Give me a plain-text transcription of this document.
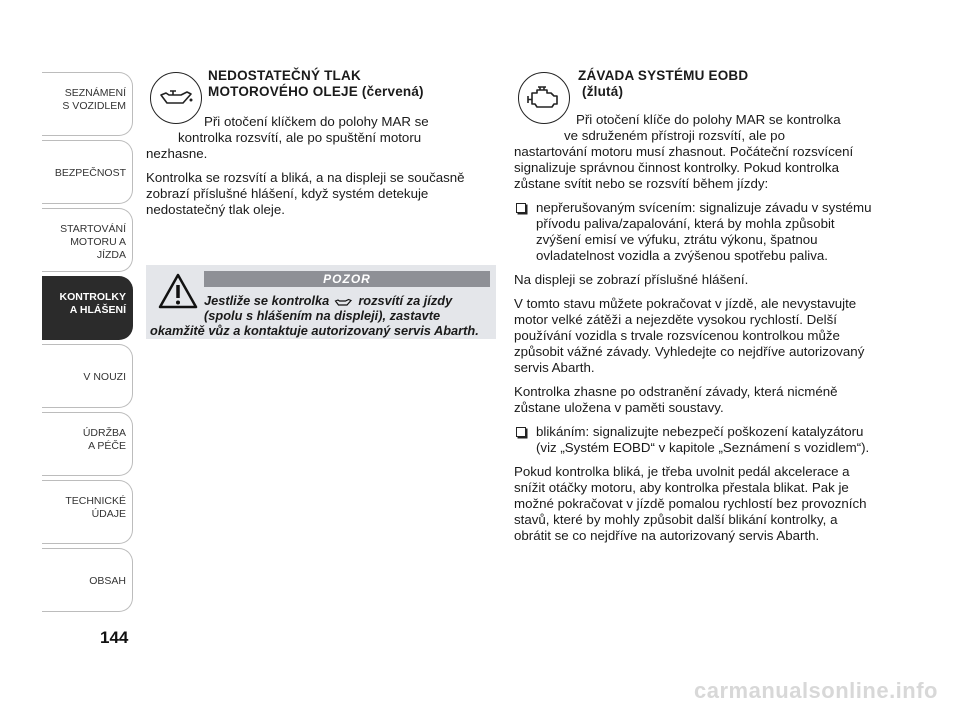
SEZNÁMENÍ
S VOZIDLEM
BEZPEČNOST
STARTOVÁNÍ
MOTORU A JÍZDA
KONTROLKY
A HLÁŠENÍ
V NOUZI
ÚDRŽBA
A PÉČE
TECHNICKÉ
ÚDAJE
OBSAH
144
NEDOSTATEČNÝ TLAK
MOTOROVÉHO OLEJE (červená)

Při otočení klíčkem do polohy MAR se
kontrolka rozsvítí, ale po spuštění motoru
nezhasne.

Kontrolka se rozsvítí a bliká, a na displeji se současně zobrazí příslušné hlášení, když systém detekuje nedostatečný tlak oleje.

POZOR
Jestliže se kontrolka rozsvítí za jízdy
(spolu s hlášením na displeji), zastavte
okamžitě vůz a kontaktuje autorizovaný servis Abarth.
ZÁVADA SYSTÉMU EOBD
(žlutá)

Při otočení klíče do polohy MAR se kontrolka
ve sdruženém přístroji rozsvítí, ale po
nastartování motoru musí zhasnout. Počáteční rozsvícení signalizuje správnou činnost kontrolky. Pokud kontrolka zůstane svítit nebo se rozsvítí během jízdy:

nepřerušovaným svícením: signalizuje závadu v systému přívodu paliva/zapalování, která by mohla způsobit zvýšení emisí ve výfuku, ztrátu výkonu, špatnou ovladatelnost vozidla a zvýšenou spotřebu paliva.

Na displeji se zobrazí příslušné hlášení.

V tomto stavu můžete pokračovat v jízdě, ale nevystavujte motor velké zátěži a nejezděte vysokou rychlostí. Delší používání vozidla s trvale rozsvícenou kontrolkou může způsobit vážné závady. Vyhledejte co nejdříve autorizovaný servis Abarth.

Kontrolka zhasne po odstranění závady, která nicméně zůstane uložena v paměti soustavy.

blikáním: signalizujte nebezpečí poškození katalyzátoru (viz „Systém EOBD“ v kapitole „Seznámení s vozidlem“).

Pokud kontrolka bliká, je třeba uvolnit pedál akcelerace a snížit otáčky motoru, aby kontrolka přestala blikat. Pak je možné pokračovat v jízdě pomalou rychlostí bez provozních stavů, které by mohly způsobit další blikání kontrolky, a obrátit se co nejdříve na autorizovaný servis Abarth.

carmanualsonline.info
